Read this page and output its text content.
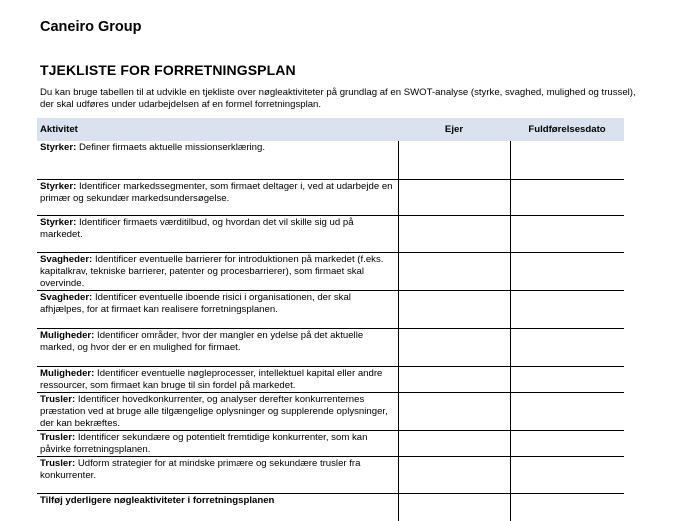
Caneiro Group
TJEKLISTE FOR FORRETNINGSPLAN
Du kan bruge tabellen til at udvikle en tjekliste over nøgleaktiviteter på grundlag af en SWOT-analyse (styrke, svaghed, mulighed og trussel), der skal udføres under udarbejdelsen af en formel forretningsplan.
Aktivitet	Ejer	Fuldførelsesdato
Styrker: Definer firmaets aktuelle missionserklæring.		
Styrker: Identificer markedssegmenter, som firmaet deltager i, ved at udarbejde en primær og sekundær markedsundersøgelse.		
Styrker: Identificer firmaets værditilbud, og hvordan det vil skille sig ud på markedet.		
Svagheder: Identificer eventuelle barrierer for introduktionen på markedet (f.eks. kapitalkrav, tekniske barrierer, patenter og procesbarrierer), som firmaet skal overvinde.		
Svagheder: Identificer eventuelle iboende risici i organisationen, der skal afhjælpes, for at firmaet kan realisere forretningsplanen.		
Muligheder: Identificer områder, hvor der mangler en ydelse på det aktuelle marked, og hvor der er en mulighed for firmaet.		
Muligheder: Identificer eventuelle nøgleprocesser, intellektuel kapital eller andre ressourcer, som firmaet kan bruge til sin fordel på markedet.		
Trusler: Identificer hovedkonkurrenter, og analyser derefter konkurrenternes præstation ved at bruge alle tilgængelige oplysninger og supplerende oplysninger, der kan bekræftes.		
Trusler: Identificer sekundære og potentielt fremtidige konkurrenter, som kan påvirke forretningsplanen.		
Trusler: Udform strategier for at mindske primære og sekundære trusler fra konkurrenter.		
Tilføj yderligere nøgleaktiviteter i forretningsplanen		
